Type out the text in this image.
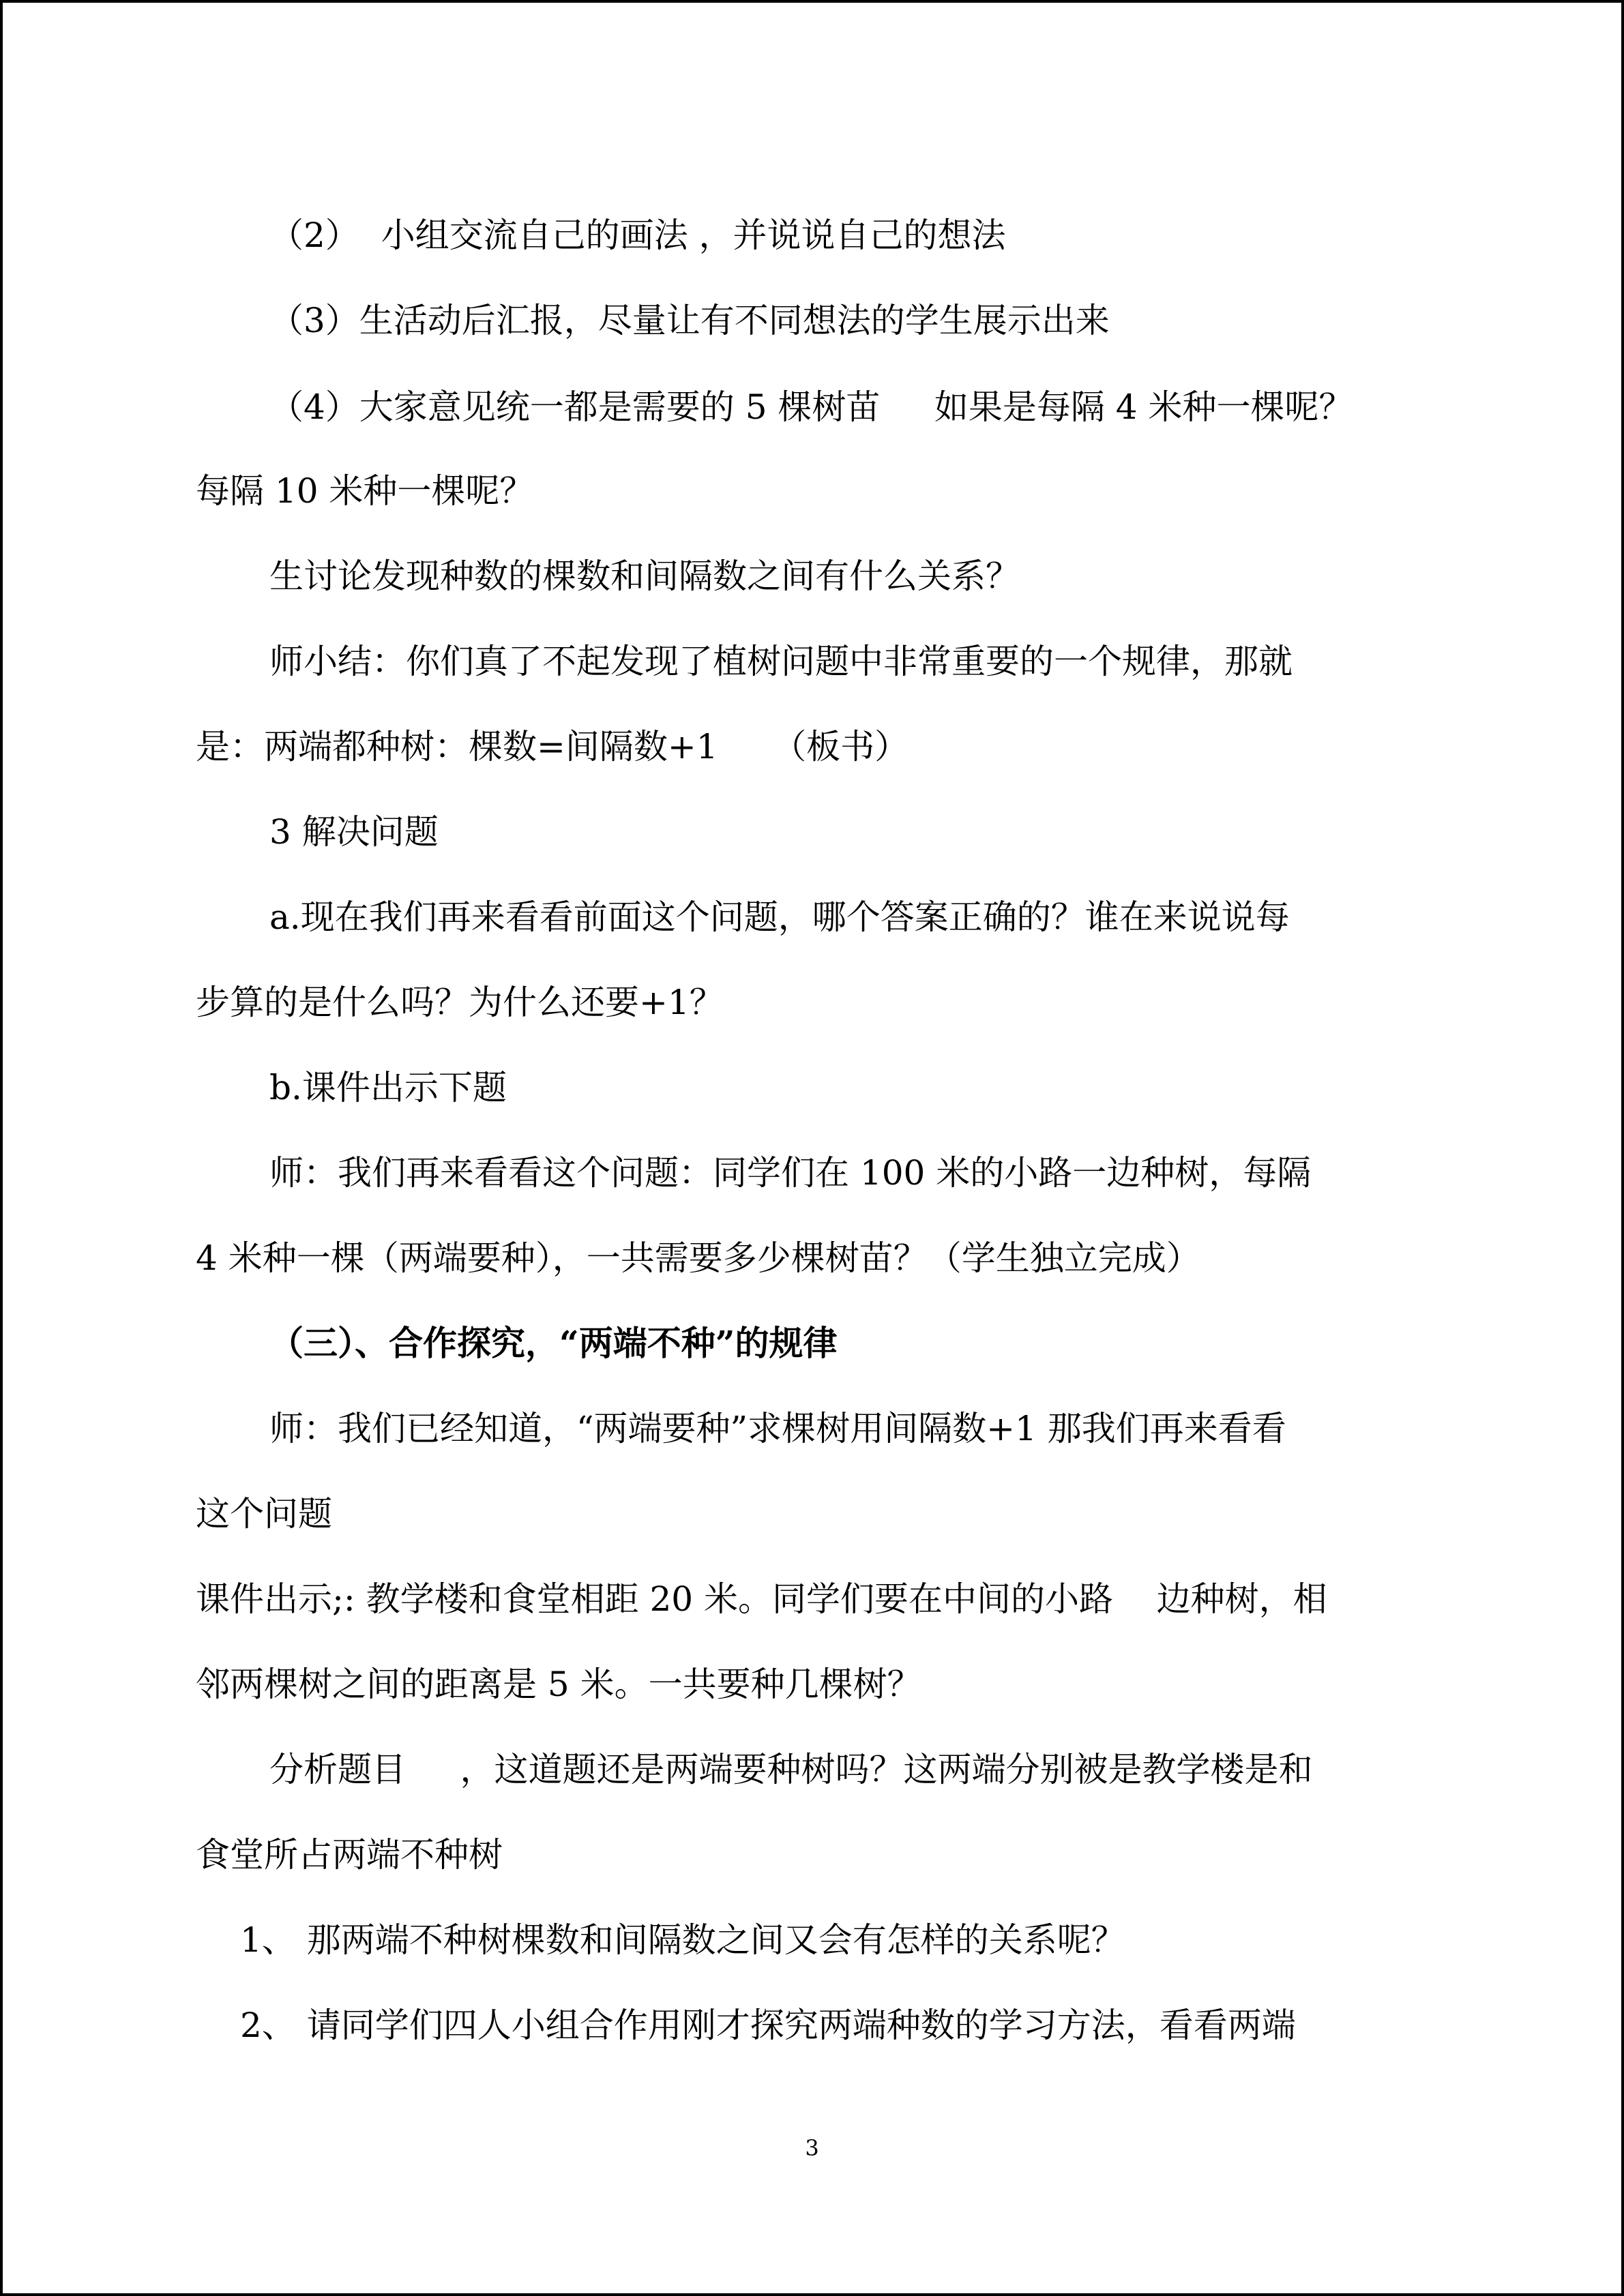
（2）  小组交流自己的画法 ，并说说自己的想法

（3）生活动后汇报，尽量让有不同想法的学生展示出来

（4）大家意见统一都是需要的 5 棵树苗     如果是每隔 4 米种一棵呢？

每隔 10 米种一棵呢？

生讨论发现种数的棵数和间隔数之间有什么关系？

师小结：你们真了不起发现了植树问题中非常重要的一个规律，那就

是：两端都种树：棵数=间隔数+1     （板书）

3 解决问题

a.现在我们再来看看前面这个问题，哪个答案正确的？谁在来说说每

步算的是什么吗？为什么还要+1？

b.课件出示下题

师：我们再来看看这个问题：同学们在 100 米的小路一边种树，每隔

4 米种一棵（两端要种），一共需要多少棵树苗？（学生独立完成）

（三）、合作探究，“两端不种”的规律

师：我们已经知道，“两端要种”求棵树用间隔数+1 那我们再来看看

这个问题

课件出示;: 教学楼和食堂相距 20 米。同学们要在中间的小路    边种树，相

邻两棵树之间的距离是 5 米。一共要种几棵树？

分析题目     ，这道题还是两端要种树吗？这两端分别被是教学楼是和

食堂所占两端不种树

1、 那两端不种树棵数和间隔数之间又会有怎样的关系呢？

2、 请同学们四人小组合作用刚才探究两端种数的学习方法，看看两端

3
